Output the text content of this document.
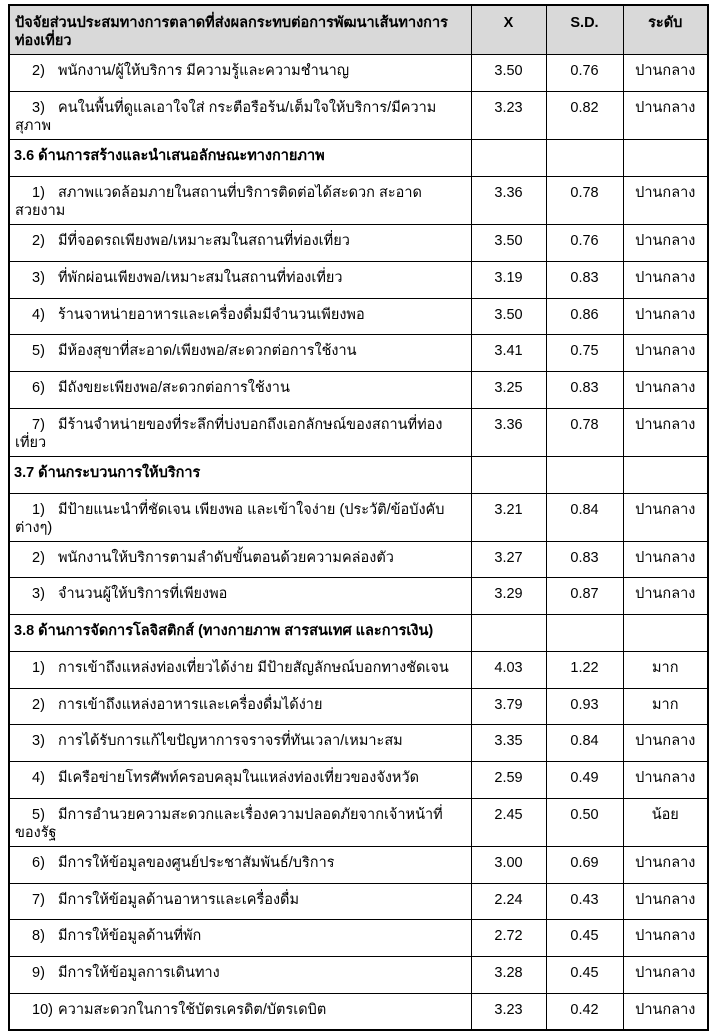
ปัจจัยส่วนประสมทางการตลาดที่ส่งผลกระทบต่อการพัฒนาเส้นทางการท่องเที่ยว	X	S.D.	ระดับ
2) พนักงาน/ผู้ให้บริการ มีความรู้และความชำนาญ	3.50	0.76	ปานกลาง
3) คนในพื้นที่ดูแลเอาใจใส่ กระตือรือร้น/เต็มใจให้บริการ/มีความสุภาพ	3.23	0.82	ปานกลาง
3.6 ด้านการสร้างและนำเสนอลักษณะทางกายภาพ			
1) สภาพแวดล้อมภายในสถานที่บริการติดต่อได้สะดวก สะอาด สวยงาม	3.36	0.78	ปานกลาง
2) มีที่จอดรถเพียงพอ/เหมาะสมในสถานที่ท่องเที่ยว	3.50	0.76	ปานกลาง
3) ที่พักผ่อนเพียงพอ/เหมาะสมในสถานที่ท่องเที่ยว	3.19	0.83	ปานกลาง
4) ร้านจาหน่ายอาหารและเครื่องดื่มมีจำนวนเพียงพอ	3.50	0.86	ปานกลาง
5) มีห้องสุขาที่สะอาด/เพียงพอ/สะดวกต่อการใช้งาน	3.41	0.75	ปานกลาง
6) มีถังขยะเพียงพอ/สะดวกต่อการใช้งาน	3.25	0.83	ปานกลาง
7) มีร้านจำหน่ายของที่ระลึกที่บ่งบอกถึงเอกลักษณ์ของสถานที่ท่องเที่ยว	3.36	0.78	ปานกลาง
3.7 ด้านกระบวนการให้บริการ			
1) มีป้ายแนะนำที่ชัดเจน เพียงพอ และเข้าใจง่าย (ประวัติ/ข้อบังคับต่างๆ)	3.21	0.84	ปานกลาง
2) พนักงานให้บริการตามลำดับขั้นตอนด้วยความคล่องตัว	3.27	0.83	ปานกลาง
3) จำนวนผู้ให้บริการที่เพียงพอ	3.29	0.87	ปานกลาง
3.8 ด้านการจัดการโลจิสติกส์ (ทางกายภาพ สารสนเทศ และการเงิน)			
1) การเข้าถึงแหล่งท่องเที่ยวได้ง่าย มีป้ายสัญลักษณ์บอกทางชัดเจน	4.03	1.22	มาก
2) การเข้าถึงแหล่งอาหารและเครื่องดื่มได้ง่าย	3.79	0.93	มาก
3) การได้รับการแก้ไขปัญหาการจราจรที่ทันเวลา/เหมาะสม	3.35	0.84	ปานกลาง
4) มีเครือข่ายโทรศัพท์ครอบคลุมในแหล่งท่องเที่ยวของจังหวัด	2.59	0.49	ปานกลาง
5) มีการอำนวยความสะดวกและเรื่องความปลอดภัยจากเจ้าหน้าที่ของรัฐ	2.45	0.50	น้อย
6) มีการให้ข้อมูลของศูนย์ประชาสัมพันธ์/บริการ	3.00	0.69	ปานกลาง
7) มีการให้ข้อมูลด้านอาหารและเครื่องดื่ม	2.24	0.43	ปานกลาง
8) มีการให้ข้อมูลด้านที่พัก	2.72	0.45	ปานกลาง
9) มีการให้ข้อมูลการเดินทาง	3.28	0.45	ปานกลาง
10) ความสะดวกในการใช้บัตรเครดิต/บัตรเดบิต	3.23	0.42	ปานกลาง
